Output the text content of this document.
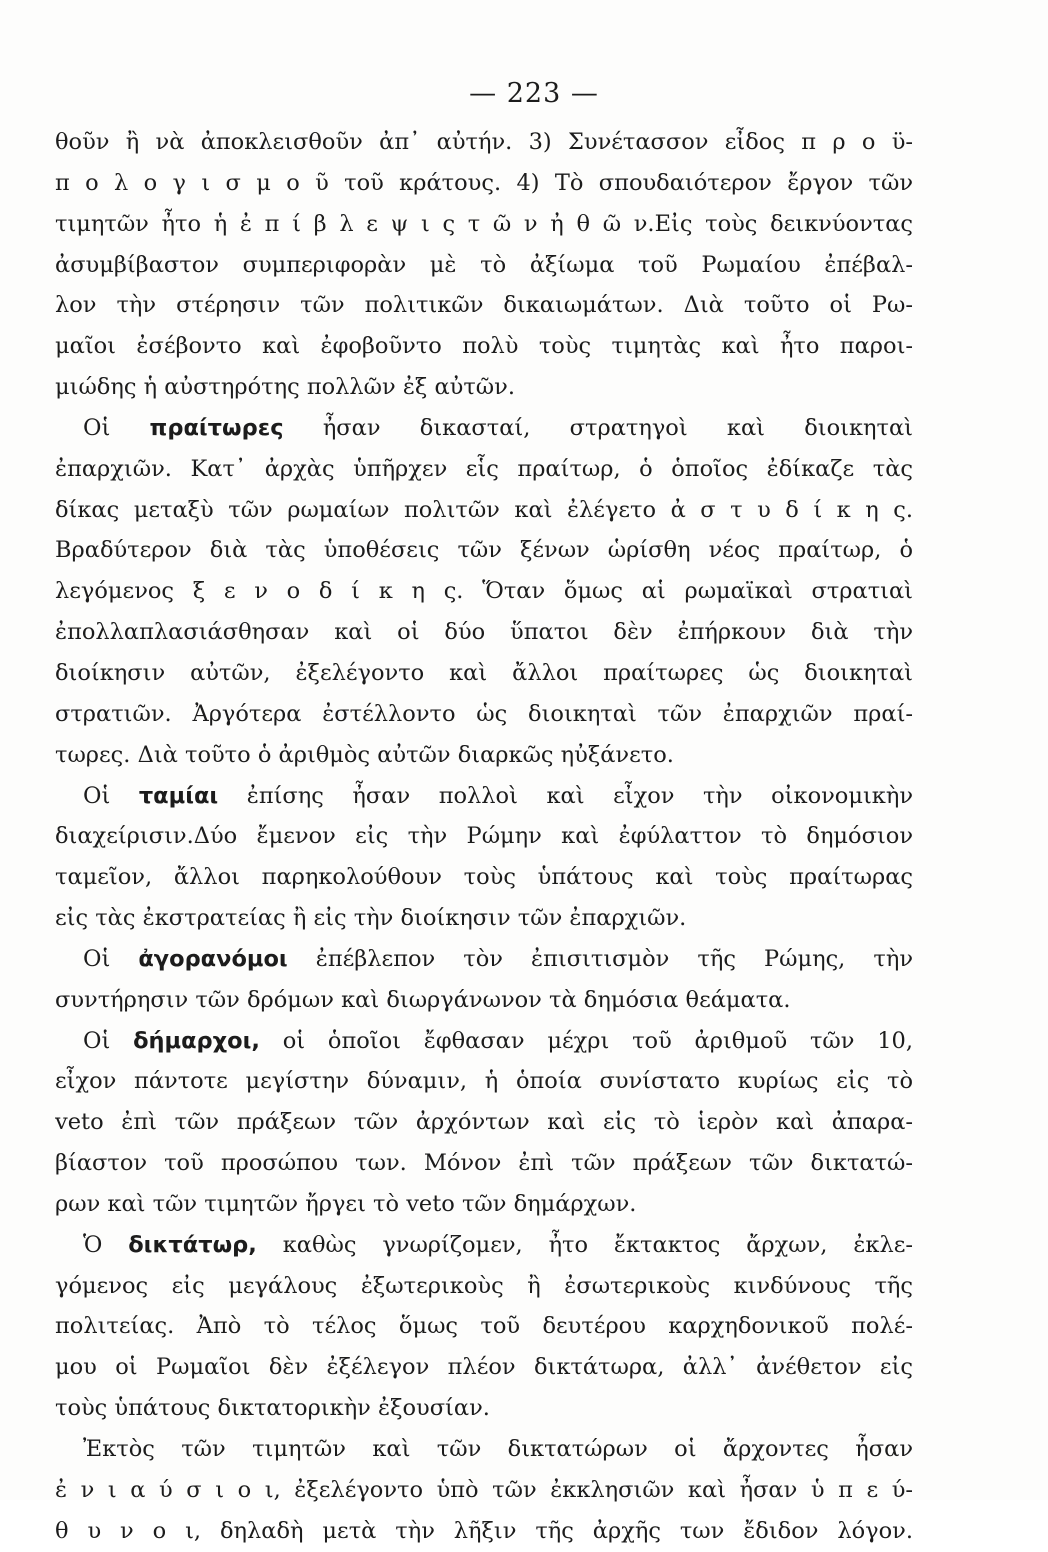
— 223 —
θοῦν ἢ νὰ ἀποκλεισθοῦν ἀπ᾽ αὐτήν. 3) Συνέτασσον εἶδος π ρ ο ϋ-
π ο λ ο γ ι σ μ ο ῦ τοῦ κράτους. 4) Τὸ σπουδαιότερον ἔργον τῶν
τιμητῶν ἦτο ἡ ἐ π ί β λ ε ψ ι ς τ ῶ ν ἠ θ ῶ ν.Εἰς τοὺς δεικνύοντας
ἀσυμβίβαστον συμπεριφορὰν μὲ τὸ ἀξίωμα τοῦ Ρωμαίου ἐπέβαλ-
λον τὴν στέρησιν τῶν πολιτικῶν δικαιωμάτων. Διὰ τοῦτο οἱ Ρω-
μαῖοι ἐσέβοντο καὶ ἐφοβοῦντο πολὺ τοὺς τιμητὰς καὶ ἦτο παροι-
μιώδης ἡ αὐστηρότης πολλῶν ἐξ αὐτῶν.
Οἱ πραίτωρες ἦσαν δικασταί, στρατηγοὶ καὶ διοικηταὶ
ἐπαρχιῶν. Κατ᾽ ἀρχὰς ὑπῆρχεν εἷς πραίτωρ, ὁ ὁποῖος ἐδίκαζε τὰς
δίκας μεταξὺ τῶν ρωμαίων πολιτῶν καὶ ἐλέγετο ἀ σ τ υ δ ί κ η ς.
Βραδύτερον διὰ τὰς ὑποθέσεις τῶν ξένων ὡρίσθη νέος πραίτωρ, ὁ
λεγόμενος ξ ε ν ο δ ί κ η ς. Ὅταν ὅμως αἱ ρωμαϊκαὶ στρατιαὶ
ἐπολλαπλασιάσθησαν καὶ οἱ δύο ὕπατοι δὲν ἐπήρκουν διὰ τὴν
διοίκησιν αὐτῶν, ἐξελέγοντο καὶ ἄλλοι πραίτωρες ὡς διοικηταὶ
στρατιῶν. Ἀργότερα ἐστέλλοντο ὡς διοικηταὶ τῶν ἐπαρχιῶν πραί-
τωρες. Διὰ τοῦτο ὁ ἀριθμὸς αὐτῶν διαρκῶς ηὐξάνετο.
Οἱ ταμίαι ἐπίσης ἦσαν πολλοὶ καὶ εἶχον τὴν οἰκονομικὴν
διαχείρισιν.Δύο ἔμενον εἰς τὴν Ρώμην καὶ ἐφύλαττον τὸ δημόσιον
ταμεῖον, ἄλλοι παρηκολούθουν τοὺς ὑπάτους καὶ τοὺς πραίτωρας
εἰς τὰς ἐκστρατείας ἢ εἰς τὴν διοίκησιν τῶν ἐπαρχιῶν.
Οἱ ἀγορανόμοι ἐπέβλεπον τὸν ἐπισιτισμὸν τῆς Ρώμης, τὴν
συντήρησιν τῶν δρόμων καὶ διωργάνωνον τὰ δημόσια θεάματα.
Οἱ δήμαρχοι, οἱ ὁποῖοι ἔφθασαν μέχρι τοῦ ἀριθμοῦ τῶν 10,
εἶχον πάντοτε μεγίστην δύναμιν, ἡ ὁποία συνίστατο κυρίως εἰς τὸ
veto ἐπὶ τῶν πράξεων τῶν ἀρχόντων καὶ εἰς τὸ ἱερὸν καὶ ἀπαρα-
βίαστον τοῦ προσώπου των. Μόνον ἐπὶ τῶν πράξεων τῶν δικτατώ-
ρων καὶ τῶν τιμητῶν ἤργει τὸ veto τῶν δημάρχων.
Ὁ δικτάτωρ, καθὼς γνωρίζομεν, ἦτο ἔκτακτος ἄρχων, ἐκλε-
γόμενος εἰς μεγάλους ἐξωτερικοὺς ἢ ἐσωτερικοὺς κινδύνους τῆς
πολιτείας. Ἀπὸ τὸ τέλος ὅμως τοῦ δευτέρου καρχηδονικοῦ πολέ-
μου οἱ Ρωμαῖοι δὲν ἐξέλεγον πλέον δικτάτωρα, ἀλλ᾽ ἀνέθετον εἰς
τοὺς ὑπάτους δικτατορικὴν ἐξουσίαν.
Ἐκτὸς τῶν τιμητῶν καὶ τῶν δικτατώρων οἱ ἄρχοντες ἦσαν
ἐ ν ι α ύ σ ι ο ι, ἐξελέγοντο ὑπὸ τῶν ἐκκλησιῶν καὶ ἦσαν ὑ π ε ύ-
θ υ ν ο ι, δηλαδὴ μετὰ τὴν λῆξιν τῆς ἀρχῆς των ἔδιδον λόγον.
